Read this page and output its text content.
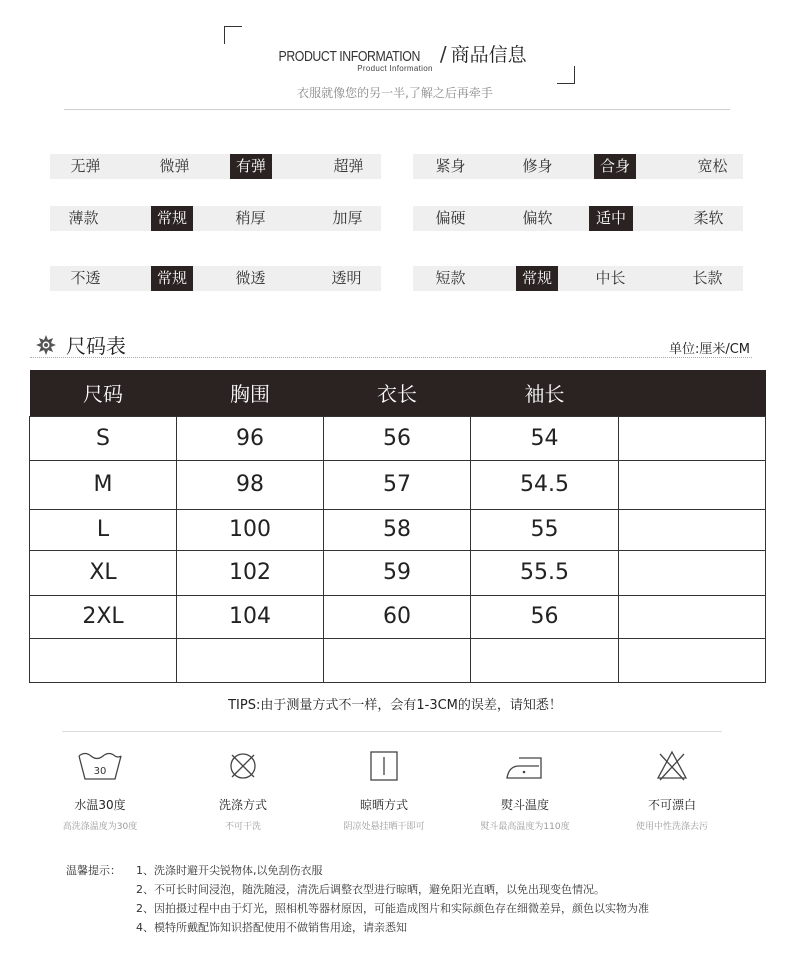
PRODUCT INFORMATION / 商品信息
Product Information
衣服就像您的另一半,了解之后再牵手
无弹	微弹	有弹	超弹	紧身	修身	合身	宽松
薄款	常规	稍厚	加厚	偏硬	偏软	适中	柔软
不透	常规	微透	透明	短款	常规	中长	长款
尺码表	单位:厘米/CM
尺码	胸围	衣长	袖长	
S	96	56	54	
M	98	57	54.5	
L	100	58	55	
XL	102	59	55.5	
2XL	104	60	56	

TIPS:由于测量方式不一样，会有1-3CM的误差，请知悉！
30
水温30度
高洗涤温度为30度
洗涤方式
不可干洗
晾晒方式
阴凉处悬挂晒干即可
熨斗温度
熨斗最高温度为110度
不可漂白
使用中性洗涤去污
温馨提示： 1、洗涤时避开尖锐物体,以免刮伤衣服
2、不可长时间浸泡，随洗随浸，清洗后调整衣型进行晾晒，避免阳光直晒，以免出现变色情况。
2、因拍摄过程中由于灯光，照相机等器材原因，可能造成图片和实际颜色存在细微差异，颜色以实物为准
4、模特所戴配饰知识搭配使用不做销售用途，请亲悉知
